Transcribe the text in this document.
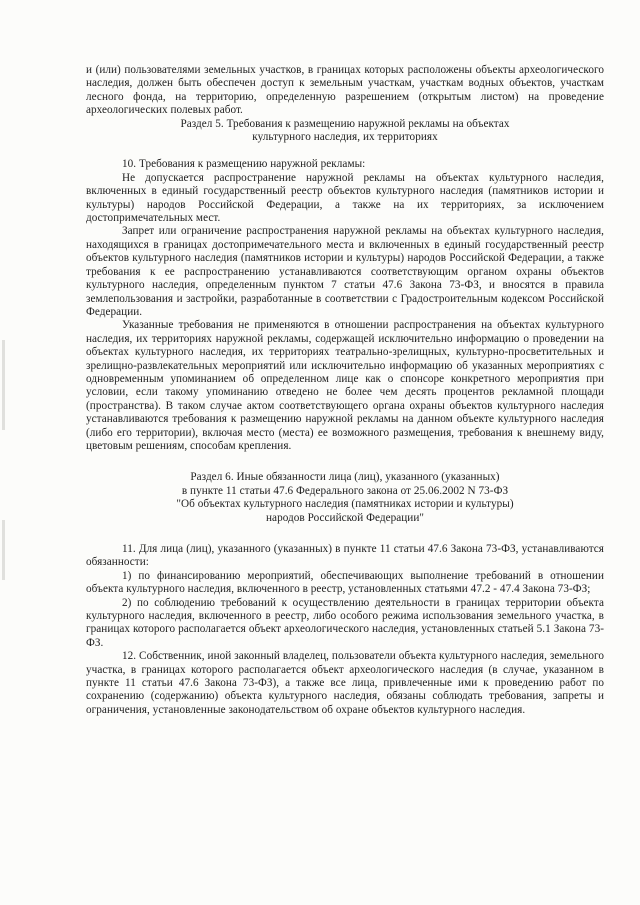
и (или) пользователями земельных участков, в границах которых расположены объекты археологического наследия, должен быть обеспечен доступ к земельным участкам, участкам водных объектов, участкам лесного фонда, на территорию, определенную разрешением (открытым листом) на проведение археологических полевых работ.

Раздел 5. Требования к размещению наружной рекламы на объектах

культурного наследия, их территориях

10. Требования к размещению наружной рекламы:

Не допускается распространение наружной рекламы на объектах культурного наследия, включенных в единый государственный реестр объектов культурного наследия (памятников истории и культуры) народов Российской Федерации, а также на их территориях, за исключением достопримечательных мест.

Запрет или ограничение распространения наружной рекламы на объектах культурного наследия, находящихся в границах достопримечательного места и включенных в единый государственный реестр объектов культурного наследия (памятников истории и культуры) народов Российской Федерации, а также требования к ее распространению устанавливаются соответствующим органом охраны объектов культурного наследия, определенным пунктом 7 статьи 47.6 Закона 73-ФЗ, и вносятся в правила землепользования и застройки, разработанные в соответствии с Градостроительным кодексом Российской Федерации.

Указанные требования не применяются в отношении распространения на объектах культурного наследия, их территориях наружной рекламы, содержащей исключительно информацию о проведении на объектах культурного наследия, их территориях театрально-зрелищных, культурно-просветительных и зрелищно-развлекательных мероприятий или исключительно информацию об указанных мероприятиях с одновременным упоминанием об определенном лице как о спонсоре конкретного мероприятия при условии, если такому упоминанию отведено не более чем десять процентов рекламной площади (пространства). В таком случае актом соответствующего органа охраны объектов культурного наследия устанавливаются требования к размещению наружной рекламы на данном объекте культурного наследия (либо его территории), включая место (места) ее возможного размещения, требования к внешнему виду, цветовым решениям, способам крепления.

Раздел 6. Иные обязанности лица (лиц), указанного (указанных)

в пункте 11 статьи 47.6 Федерального закона от 25.06.2002 N 73-ФЗ

"Об объектах культурного наследия (памятниках истории и культуры)

народов Российской Федерации"

11. Для лица (лиц), указанного (указанных) в пункте 11 статьи 47.6 Закона 73-ФЗ, устанавливаются обязанности:

1) по финансированию мероприятий, обеспечивающих выполнение требований в отношении объекта культурного наследия, включенного в реестр, установленных статьями 47.2 - 47.4 Закона 73-ФЗ;

2) по соблюдению требований к осуществлению деятельности в границах территории объекта культурного наследия, включенного в реестр, либо особого режима использования земельного участка, в границах которого располагается объект археологического наследия, установленных статьей 5.1 Закона 73-ФЗ.

12. Собственник, иной законный владелец, пользователи объекта культурного наследия, земельного участка, в границах которого располагается объект археологического наследия (в случае, указанном в пункте 11 статьи 47.6 Закона 73-ФЗ), а также все лица, привлеченные ими к проведению работ по сохранению (содержанию) объекта культурного наследия, обязаны соблюдать требования, запреты и ограничения, установленные законодательством об охране объектов культурного наследия.
